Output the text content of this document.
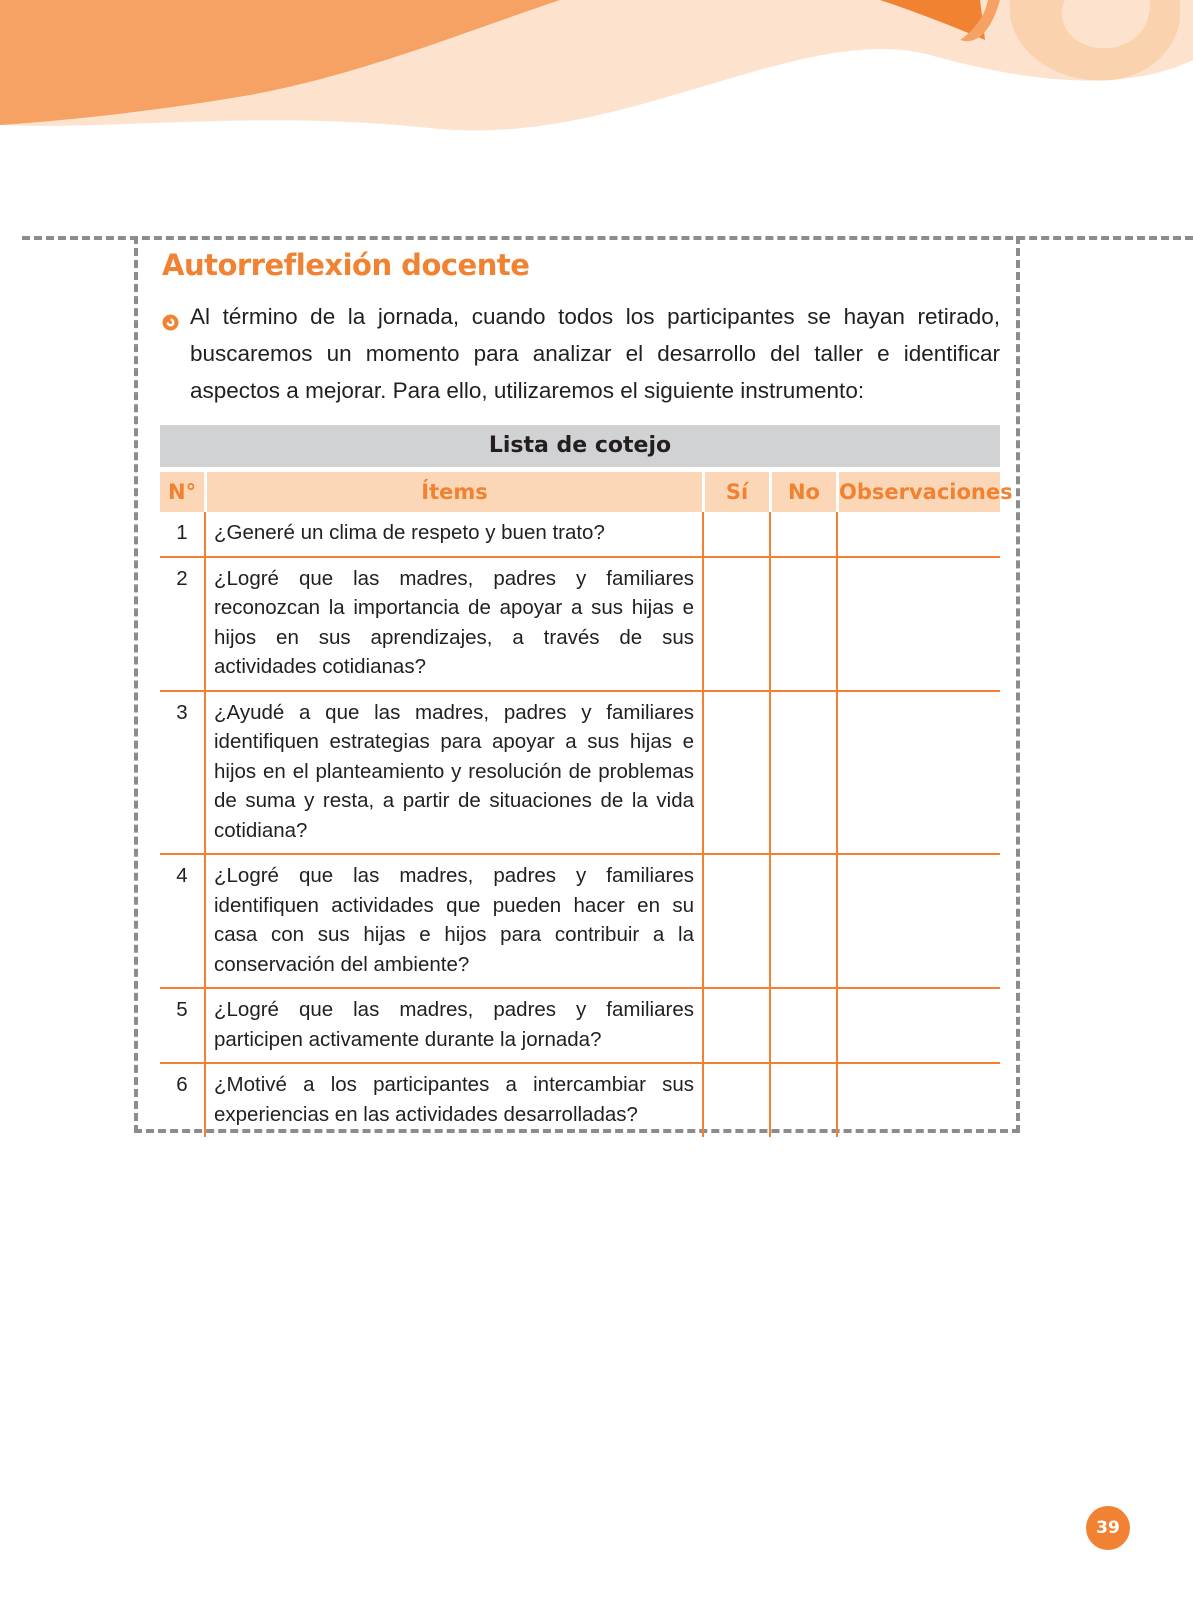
Autorreflexión docente

Al término de la jornada, cuando todos los participantes se hayan retirado, buscaremos un momento para analizar el desarrollo del taller e identificar aspectos a mejorar. Para ello, utilizaremos el siguiente instrumento:

Lista de cotejo
N°	Ítems	Sí	No	Observaciones
1	¿Generé un clima de respeto y buen trato?			
2	¿Logré que las madres, padres y familiares reconozcan la importancia de apoyar a sus hijas e hijos en sus aprendizajes, a través de sus actividades cotidianas?			
3	¿Ayudé a que las madres, padres y familiares identifiquen estrategias para apoyar a sus hijas e hijos en el planteamiento y resolución de problemas de suma y resta, a partir de situaciones de la vida cotidiana?			
4	¿Logré que las madres, padres y familiares identifiquen actividades que pueden hacer en su casa con sus hijas e hijos para contribuir a la conservación del ambiente?			
5	¿Logré que las madres, padres y familiares participen activamente durante la jornada?			
6	¿Motivé a los participantes a intercambiar sus experiencias en las actividades desarrolladas?			
39
